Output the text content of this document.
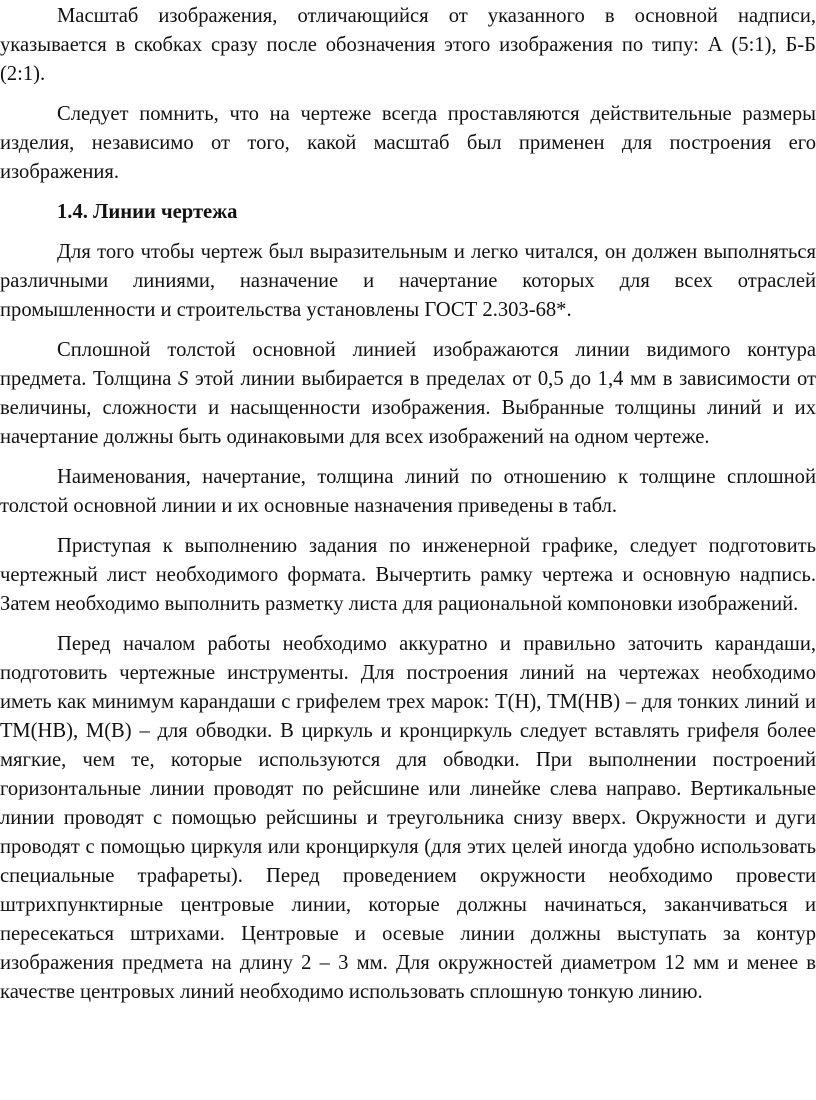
Масштаб изображения, отличающийся от указанного в основной надписи, указывается в скобках сразу после обозначения этого изображения по типу: А (5:1), Б-Б (2:1).

Следует помнить, что на чертеже всегда проставляются действительные размеры изделия, независимо от того, какой масштаб был применен для построения его изображения.

1.4. Линии чертежа

Для того чтобы чертеж был выразительным и легко читался, он должен выполняться различными линиями, назначение и начертание которых для всех отраслей промышленности и строительства установлены ГОСТ 2.303-68*.

Сплошной толстой основной линией изображаются линии видимого контура предмета. Толщина S этой линии выбирается в пределах от 0,5 до 1,4 мм в зависимости от величины, сложности и насыщенности изображения. Выбранные толщины линий и их начертание должны быть одинаковыми для всех изображений на одном чертеже.

Наименования, начертание, толщина линий по отношению к толщине сплошной толстой основной линии и их основные назначения приведены в табл.

Приступая к выполнению задания по инженерной графике, следует подготовить чертежный лист необходимого формата. Вычертить рамку чертежа и основную надпись. Затем необходимо выполнить разметку листа для рациональной компоновки изображений.

Перед началом работы необходимо аккуратно и правильно заточить карандаши, подготовить чертежные инструменты. Для построения линий на чертежах необходимо иметь как минимум карандаши с грифелем трех марок: Т(Н), ТМ(НВ) – для тонких линий и ТМ(НВ), М(В) – для обводки. В циркуль и кронциркуль следует вставлять грифеля более мягкие, чем те, которые используются для обводки. При выполнении построений горизонтальные линии проводят по рейсшине или линейке слева направо. Вертикальные линии проводят с помощью рейсшины и треугольника снизу вверх. Окружности и дуги проводят с помощью циркуля или кронциркуля (для этих целей иногда удобно использовать специальные трафареты). Перед проведением окружности необходимо провести штрихпунктирные центровые линии, которые должны начинаться, заканчиваться и пересекаться штрихами. Центровые и осевые линии должны выступать за контур изображения предмета на длину 2 – 3 мм. Для окружностей диаметром 12 мм и менее в качестве центровых линий необходимо использовать сплошную тонкую линию.
